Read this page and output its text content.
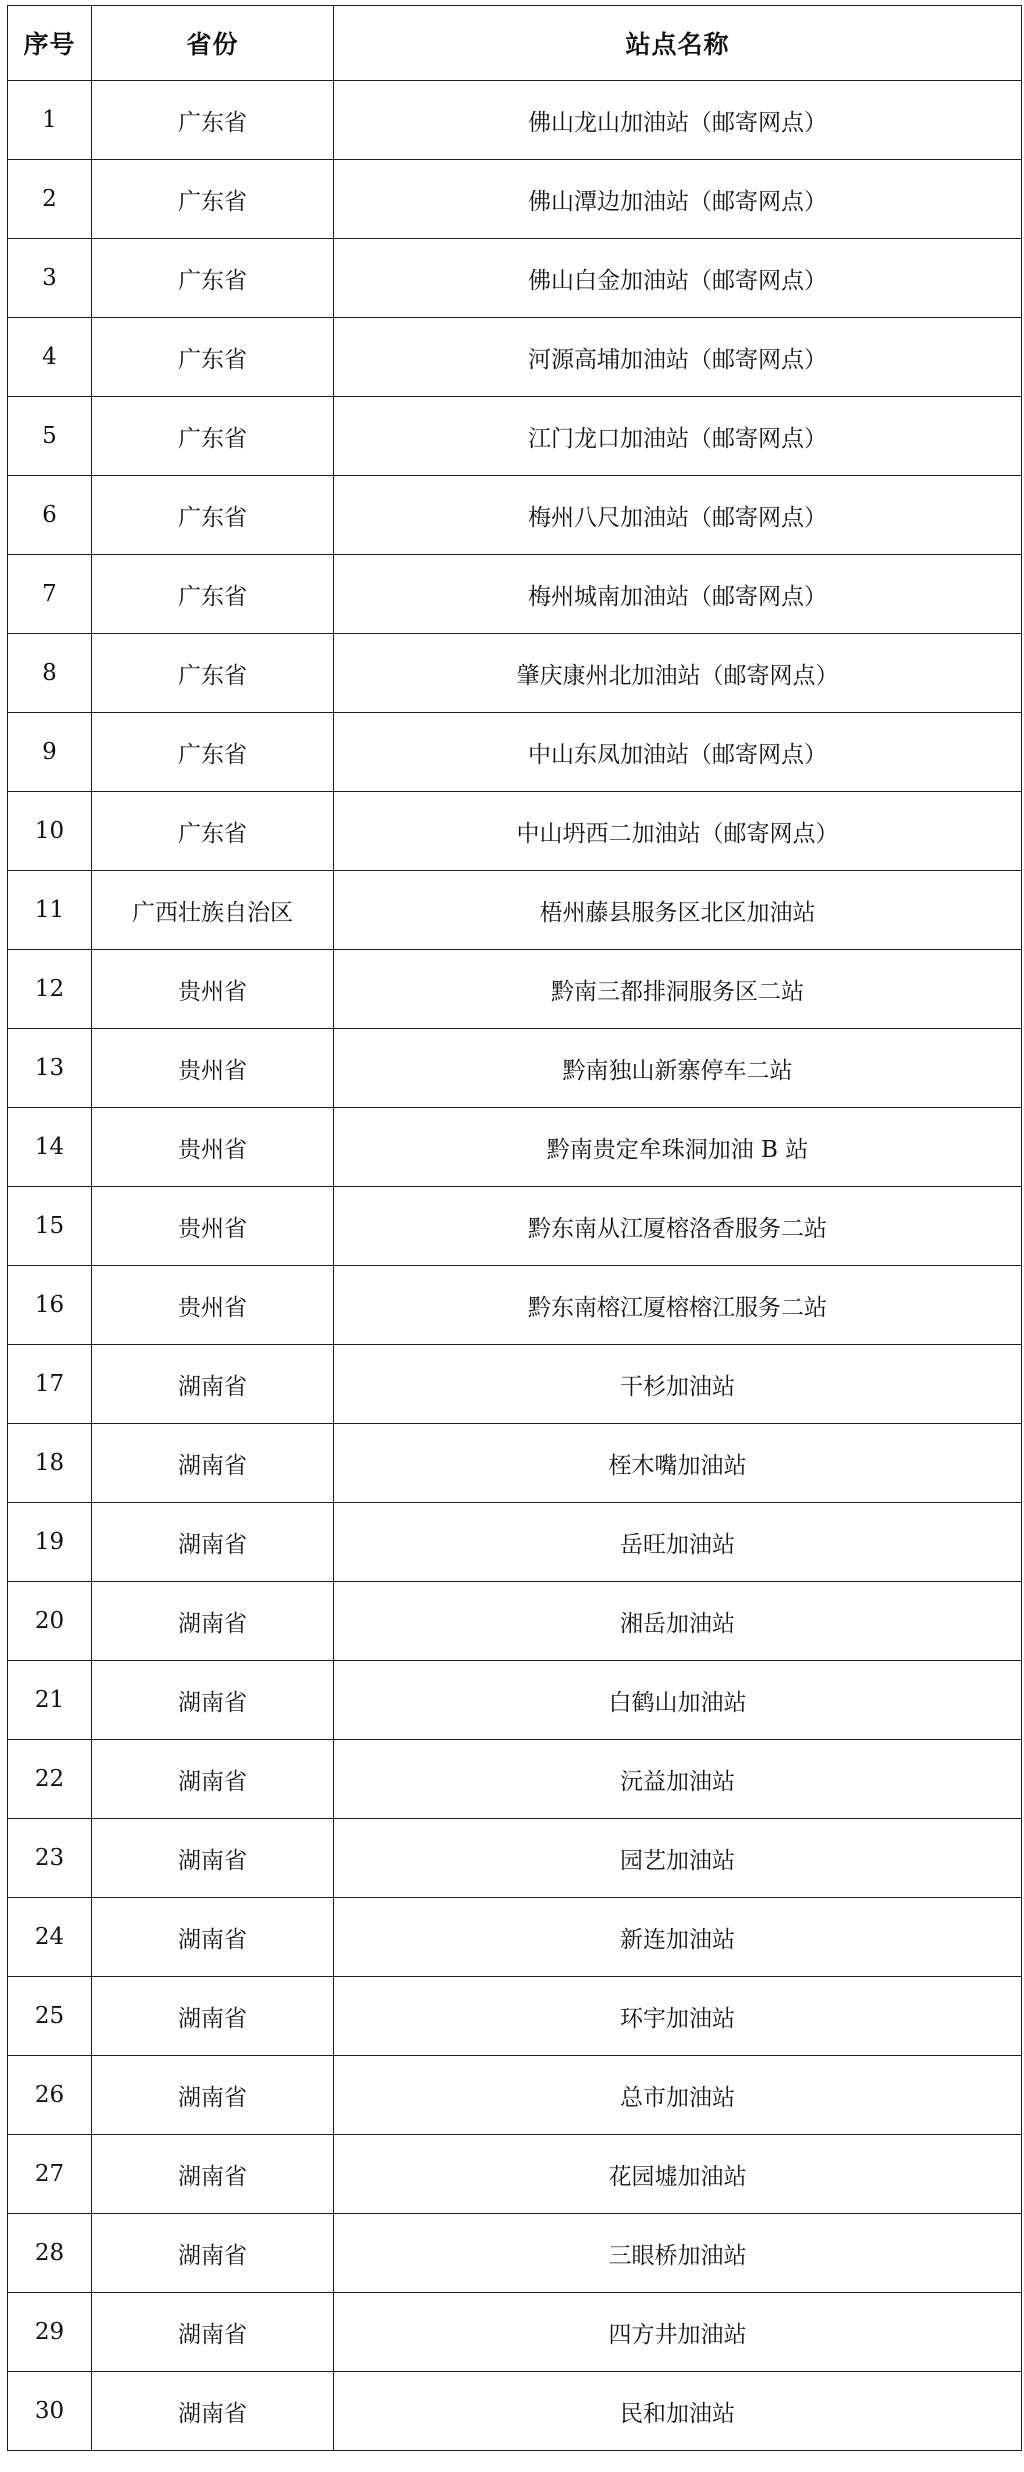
序号	省份	站点名称
1	广东省	佛山龙山加油站（邮寄网点）
2	广东省	佛山潭边加油站（邮寄网点）
3	广东省	佛山白金加油站（邮寄网点）
4	广东省	河源高埔加油站（邮寄网点）
5	广东省	江门龙口加油站（邮寄网点）
6	广东省	梅州八尺加油站（邮寄网点）
7	广东省	梅州城南加油站（邮寄网点）
8	广东省	肇庆康州北加油站（邮寄网点）
9	广东省	中山东凤加油站（邮寄网点）
10	广东省	中山坍西二加油站（邮寄网点）
11	广西壮族自治区	梧州藤县服务区北区加油站
12	贵州省	黔南三都排洞服务区二站
13	贵州省	黔南独山新寨停车二站
14	贵州省	黔南贵定牟珠洞加油 B 站
15	贵州省	黔东南从江厦榕洛香服务二站
16	贵州省	黔东南榕江厦榕榕江服务二站
17	湖南省	干杉加油站
18	湖南省	桎木嘴加油站
19	湖南省	岳旺加油站
20	湖南省	湘岳加油站
21	湖南省	白鹤山加油站
22	湖南省	沅益加油站
23	湖南省	园艺加油站
24	湖南省	新连加油站
25	湖南省	环宇加油站
26	湖南省	总市加油站
27	湖南省	花园墟加油站
28	湖南省	三眼桥加油站
29	湖南省	四方井加油站
30	湖南省	民和加油站
